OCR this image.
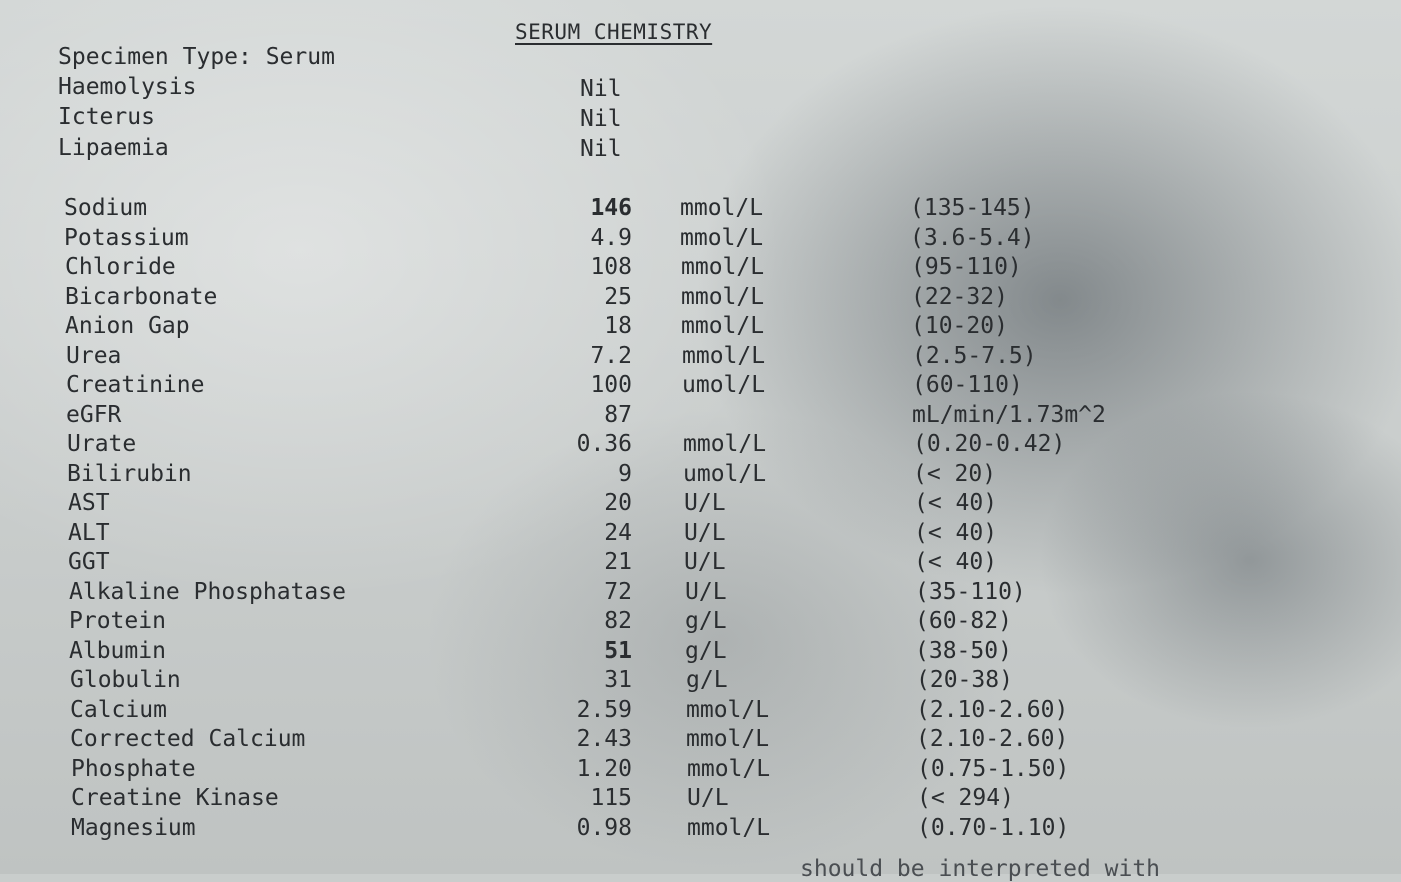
SERUM CHEMISTRY
Specimen Type: Serum
Haemolysis	Nil
Icterus	Nil
Lipaemia	Nil
Sodium	146 mmol/L	(135-145)
Potassium	4.9 mmol/L	(3.6-5.4)
Chloride	108 mmol/L	(95-110)
Bicarbonate	25 mmol/L	(22-32)
Anion Gap	18 mmol/L	(10-20)
Urea	7.2 mmol/L	(2.5-7.5)
Creatinine	100 umol/L	(60-110)
eGFR	87	mL/min/1.73m^2
Urate	0.36 mmol/L	(0.20-0.42)
Bilirubin	9 umol/L	(< 20)
AST	20 U/L	(< 40)
ALT	24 U/L	(< 40)
GGT	21 U/L	(< 40)
Alkaline Phosphatase	72 U/L	(35-110)
Protein	82 g/L	(60-82)
Albumin	51 g/L	(38-50)
Globulin	31 g/L	(20-38)
Calcium	2.59 mmol/L	(2.10-2.60)
Corrected Calcium	2.43 mmol/L	(2.10-2.60)
Phosphate	1.20 mmol/L	(0.75-1.50)
Creatine Kinase	115 U/L	(< 294)
Magnesium	0.98 mmol/L	(0.70-1.10)
should be interpreted with
